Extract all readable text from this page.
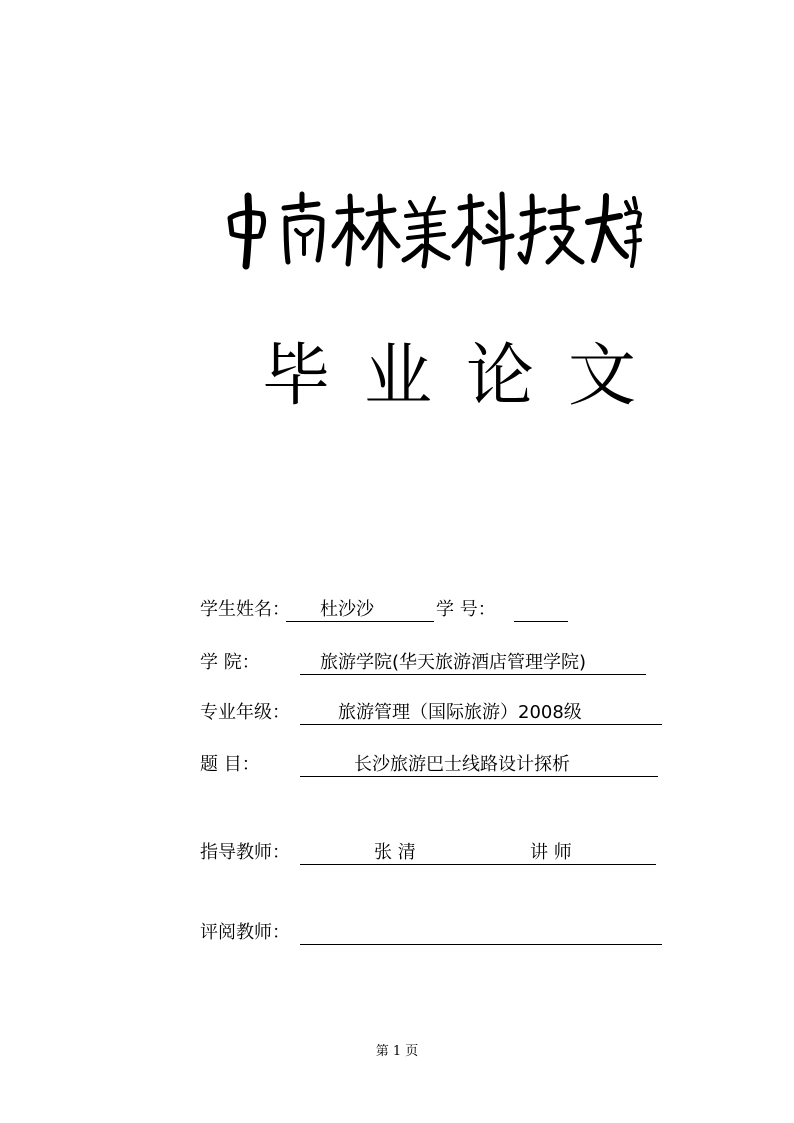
毕业论文
学生姓名： 杜沙沙	学 号：
学 院：	旅游学院(华天旅游酒店管理学院)
专业年级：	旅游管理（国际旅游）2008级
题 目：	长沙旅游巴士线路设计探析
指导教师：	张 清	讲 师
评阅教师：
第 1 页
